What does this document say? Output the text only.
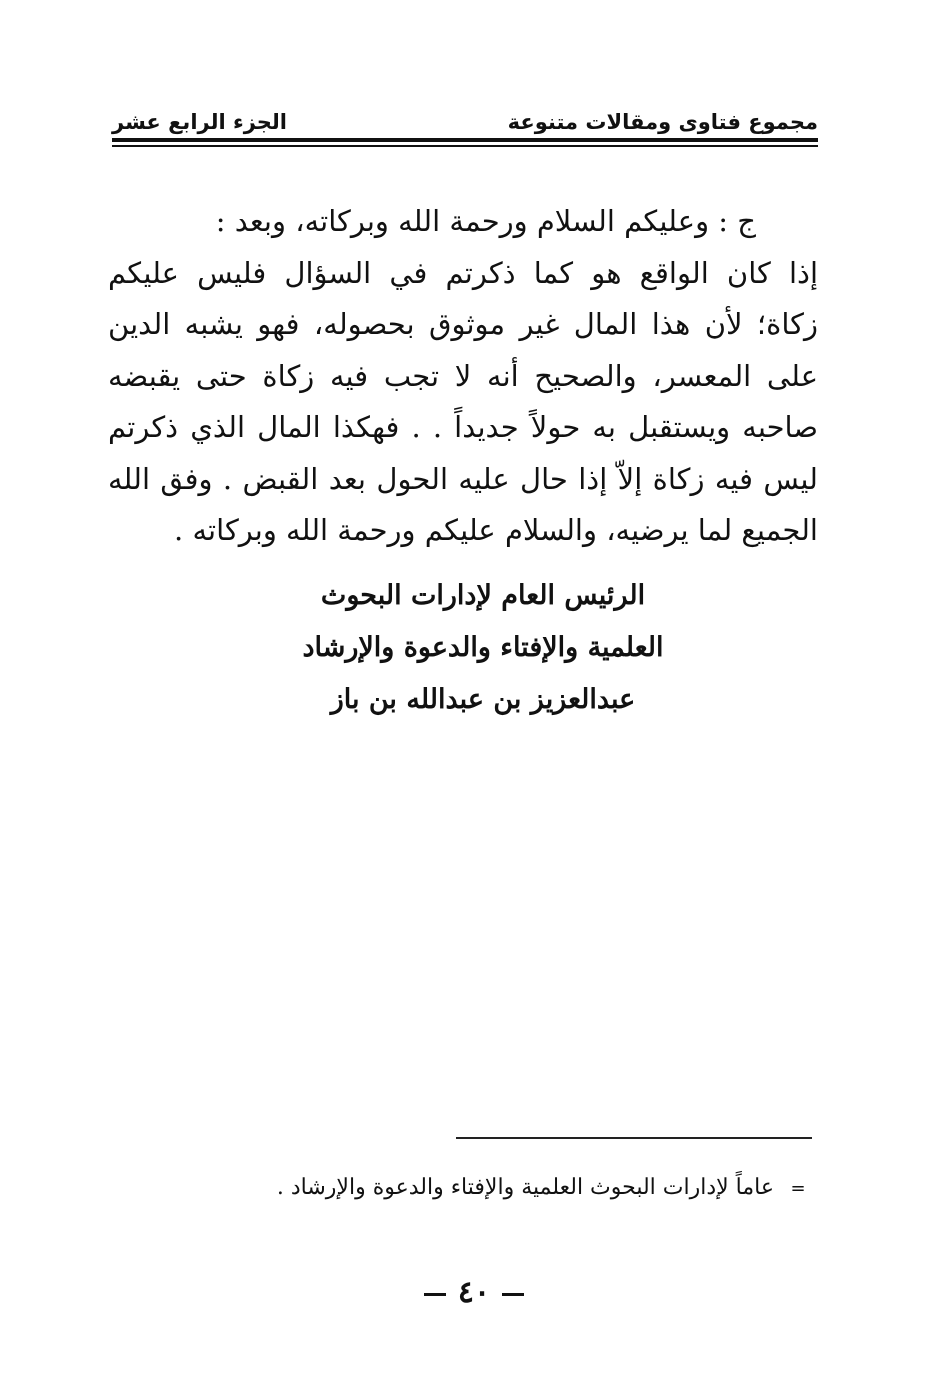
مجموع فتاوى ومقالات متنوعة
الجزء الرابع عشر
ج : وعليكم السلام ورحمة الله وبركاته، وبعد :
إذا كان الواقع هو كما ذكرتم في السؤال فليس عليكم
زكاة؛ لأن هذا المال غير موثوق بحصوله، فهو يشبه الدين
على المعسر، والصحيح أنه لا تجب فيه زكاة حتى يقبضه
صاحبه ويستقبل به حولاً جديداً . . فهكذا المال الذي ذكرتم
ليس فيه زكاة إلاّ إذا حال عليه الحول بعد القبض . وفق الله
الجميع لما يرضيه، والسلام عليكم ورحمة الله وبركاته .
الرئيس العام لإدارات البحوث
العلمية والإفتاء والدعوة والإرشاد
عبدالعزيز بن عبدالله بن باز
=
عاماً لإدارات البحوث العلمية والإفتاء والدعوة والإرشاد .
٤٠
